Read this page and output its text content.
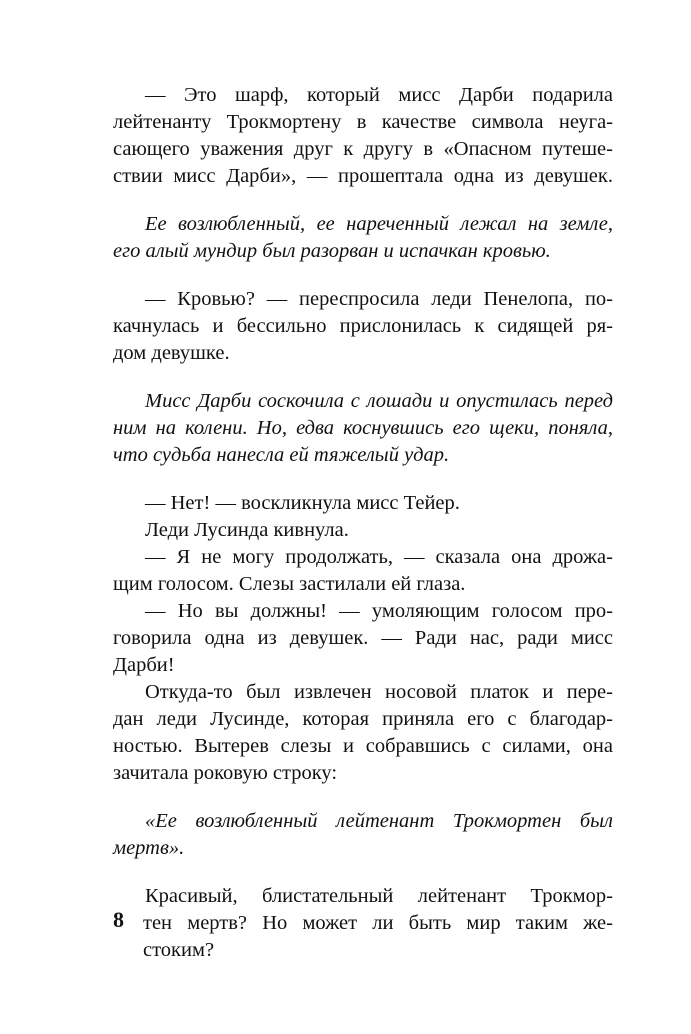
— Это шарф, который мисс Дарби подарила
лейтенанту Трокмортену в качестве символа неуга-
сающего уважения друг к другу в «Опасном путеше-
ствии мисс Дарби», — прошептала одна из девушек.
Ее возлюбленный, ее нареченный лежал на земле,
его алый мундир был разорван и испачкан кровью.
— Кровью? — переспросила леди Пенелопа, по-
качнулась и бессильно прислонилась к сидящей ря-
дом девушке.
Мисс Дарби соскочила с лошади и опустилась перед
ним на колени. Но, едва коснувшись его щеки, поняла,
что судьба нанесла ей тяжелый удар.
— Нет! — воскликнула мисс Тейер.
Леди Лусинда кивнула.
— Я не могу продолжать, — сказала она дрожа-
щим голосом. Слезы застилали ей глаза.
— Но вы должны! — умоляющим голосом про-
говорила одна из девушек. — Ради нас, ради мисс
Дарби!
Откуда-то был извлечен носовой платок и пере-
дан леди Лусинде, которая приняла его с благодар-
ностью. Вытерев слезы и собравшись с силами, она
зачитала роковую строку:
«Ее возлюбленный лейтенант Трокмортен был
мертв».
Красивый, блистательный лейтенант Трокмор-
тен мертв? Но может ли быть мир таким же-
стоким?
8
